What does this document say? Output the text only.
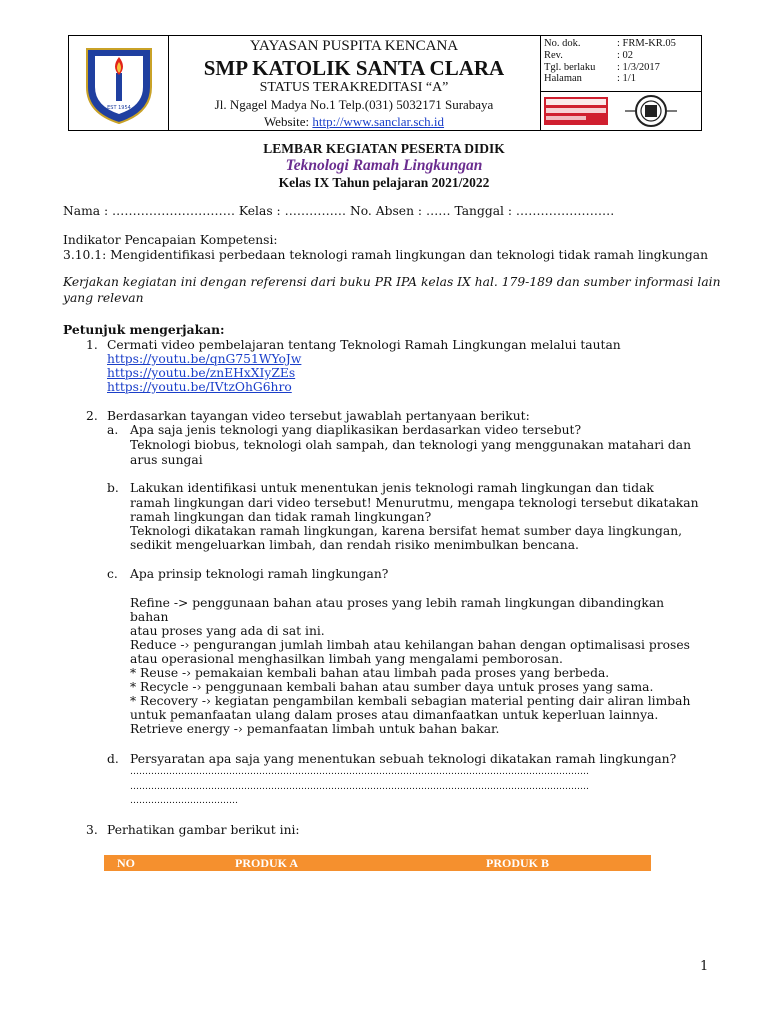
EST 1954
YAYASAN PUSPITA KENCANA
SMP KATOLIK SANTA CLARA
STATUS TERAKREDITASI “A”
Jl. Ngagel Madya No.1 Telp.(031) 5032171 Surabaya
Website: http://www.sanclar.sch.id
No. dok.	: FRM-KR.05
Rev.	: 02
Tgl. berlaku : 1/3/2017
Halaman	: 1/1
LEMBAR KEGIATAN PESERTA DIDIK
Teknologi Ramah Lingkungan
Kelas IX Tahun pelajaran 2021/2022
Nama : ………………………… Kelas : …………… No. Absen : …… Tanggal : ……………………
Indikator Pencapaian Kompetensi:
3.10.1: Mengidentifikasi perbedaan teknologi ramah lingkungan dan teknologi tidak ramah lingkungan
Kerjakan kegiatan ini dengan referensi dari buku PR IPA kelas IX hal. 179-189 dan sumber informasi lain
yang relevan
Petunjuk mengerjakan:
1. Cermati video pembelajaran tentang Teknologi Ramah Lingkungan melalui tautan
https://youtu.be/qnG751WYoJw
https://youtu.be/znEHxXIyZEs
https://youtu.be/IVtzOhG6hro
2. Berdasarkan tayangan video tersebut jawablah pertanyaan berikut:
a. Apa saja jenis teknologi yang diaplikasikan berdasarkan video tersebut?
Teknologi biobus, teknologi olah sampah, dan teknologi yang menggunakan matahari dan
arus sungai
b. Lakukan identifikasi untuk menentukan jenis teknologi ramah lingkungan dan tidak
ramah lingkungan dari video tersebut! Menurutmu, mengapa teknologi tersebut dikatakan
ramah lingkungan dan tidak ramah lingkungan?
Teknologi dikatakan ramah lingkungan, karena bersifat hemat sumber daya lingkungan,
sedikit mengeluarkan limbah, dan rendah risiko menimbulkan bencana.
c. Apa prinsip teknologi ramah lingkungan?
Refine -> penggunaan bahan atau proses yang lebih ramah lingkungan dibandingkan
bahan
atau proses yang ada di sat ini.
Reduce -› pengurangan jumlah limbah atau kehilangan bahan dengan optimalisasi proses
atau operasional menghasilkan limbah yang mengalami pemborosan.
* Reuse -› pemakaian kembali bahan atau limbah pada proses yang berbeda.
* Recycle -› penggunaan kembali bahan atau sumber daya untuk proses yang sama.
* Recovery -› kegiatan pengambilan kembali sebagian material penting dair aliran limbah
untuk pemanfaatan ulang dalam proses atau dimanfaatkan untuk keperluan lainnya.
Retrieve energy -› pemanfaatan limbah untuk bahan bakar.
d. Persyaratan apa saja yang menentukan sebuah teknologi dikatakan ramah lingkungan?
………………………………………………………………………………………………………………………………………
………………………………………………………………………………………………………………………………………
………………………………
3. Perhatikan gambar berikut ini:
NO	PRODUK A	PRODUK B
1
